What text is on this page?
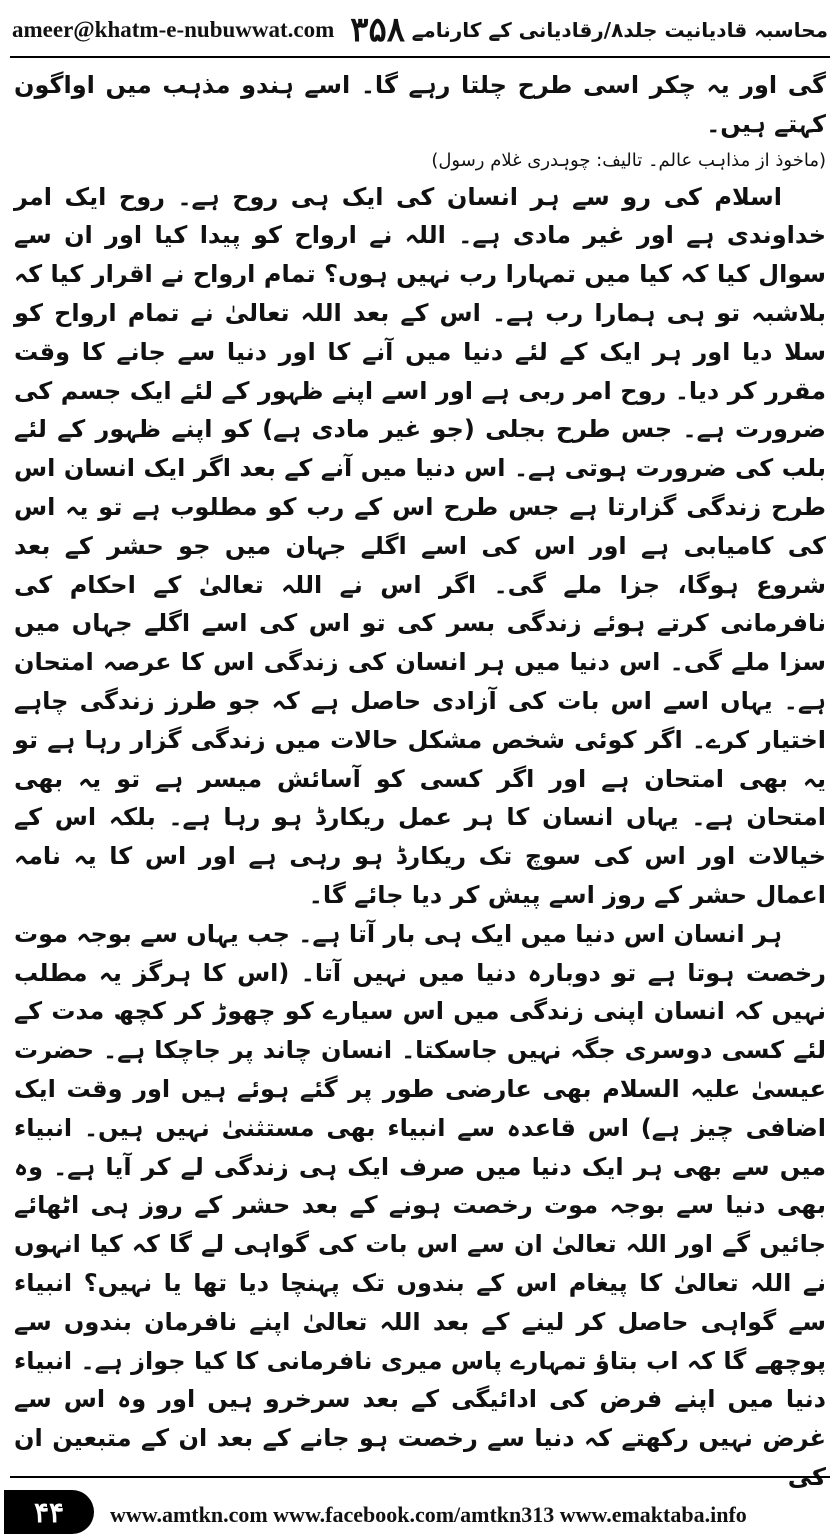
ameer@khatm-e-nubuwwat.com ۳۵۸ محاسبہ قادیانیت جلد۸/رقادیانی کے کارنامے

گی اور یہ چکر اسی طرح چلتا رہے گا۔ اسے ہندو مذہب میں اواگون کہتے ہیں۔

(ماخوذ از مذاہب عالم۔ تالیف: چوہدری غلام رسول)

اسلام کی رو سے ہر انسان کی ایک ہی روح ہے۔ روح ایک امر خداوندی ہے اور غیر مادی ہے۔ اللہ نے ارواح کو پیدا کیا اور ان سے سوال کیا کہ کیا میں تمہارا رب نہیں ہوں؟ تمام ارواح نے اقرار کیا کہ بلاشبہ تو ہی ہمارا رب ہے۔ اس کے بعد اللہ تعالیٰ نے تمام ارواح کو سلا دیا اور ہر ایک کے لئے دنیا میں آنے کا اور دنیا سے جانے کا وقت مقرر کر دیا۔ روح امر ربی ہے اور اسے اپنے ظہور کے لئے ایک جسم کی ضرورت ہے۔ جس طرح بجلی (جو غیر مادی ہے) کو اپنے ظہور کے لئے بلب کی ضرورت ہوتی ہے۔ اس دنیا میں آنے کے بعد اگر ایک انسان اس طرح زندگی گزارتا ہے جس طرح اس کے رب کو مطلوب ہے تو یہ اس کی کامیابی ہے اور اس کی اسے اگلے جہان میں جو حشر کے بعد شروع ہوگا، جزا ملے گی۔ اگر اس نے اللہ تعالیٰ کے احکام کی نافرمانی کرتے ہوئے زندگی بسر کی تو اس کی اسے اگلے جہاں میں سزا ملے گی۔ اس دنیا میں ہر انسان کی زندگی اس کا عرصہ امتحان ہے۔ یہاں اسے اس بات کی آزادی حاصل ہے کہ جو طرز زندگی چاہے اختیار کرے۔ اگر کوئی شخص مشکل حالات میں زندگی گزار رہا ہے تو یہ بھی امتحان ہے اور اگر کسی کو آسائش میسر ہے تو یہ بھی امتحان ہے۔ یہاں انسان کا ہر عمل ریکارڈ ہو رہا ہے۔ بلکہ اس کے خیالات اور اس کی سوچ تک ریکارڈ ہو رہی ہے اور اس کا یہ نامہ اعمال حشر کے روز اسے پیش کر دیا جائے گا۔

ہر انسان اس دنیا میں ایک ہی بار آتا ہے۔ جب یہاں سے بوجہ موت رخصت ہوتا ہے تو دوبارہ دنیا میں نہیں آتا۔ (اس کا ہرگز یہ مطلب نہیں کہ انسان اپنی زندگی میں اس سیارے کو چھوڑ کر کچھ مدت کے لئے کسی دوسری جگہ نہیں جاسکتا۔ انسان چاند پر جاچکا ہے۔ حضرت عیسیٰ علیہ السلام بھی عارضی طور پر گئے ہوئے ہیں اور وقت ایک اضافی چیز ہے) اس قاعدہ سے انبیاء بھی مستثنیٰ نہیں ہیں۔ انبیاء میں سے بھی ہر ایک دنیا میں صرف ایک ہی زندگی لے کر آیا ہے۔ وہ بھی دنیا سے بوجہ موت رخصت ہونے کے بعد حشر کے روز ہی اٹھائے جائیں گے اور اللہ تعالیٰ ان سے اس بات کی گواہی لے گا کہ کیا انہوں نے اللہ تعالیٰ کا پیغام اس کے بندوں تک پہنچا دیا تھا یا نہیں؟ انبیاء سے گواہی حاصل کر لینے کے بعد اللہ تعالیٰ اپنے نافرمان بندوں سے پوچھے گا کہ اب بتاؤ تمہارے پاس میری نافرمانی کا کیا جواز ہے۔ انبیاء دنیا میں اپنے فرض کی ادائیگی کے بعد سرخرو ہیں اور وہ اس سے غرض نہیں رکھتے کہ دنیا سے رخصت ہو جانے کے بعد ان کے متبعین ان کی

۴۴	www.amtkn.com www.facebook.com/amtkn313 www.emaktaba.info
